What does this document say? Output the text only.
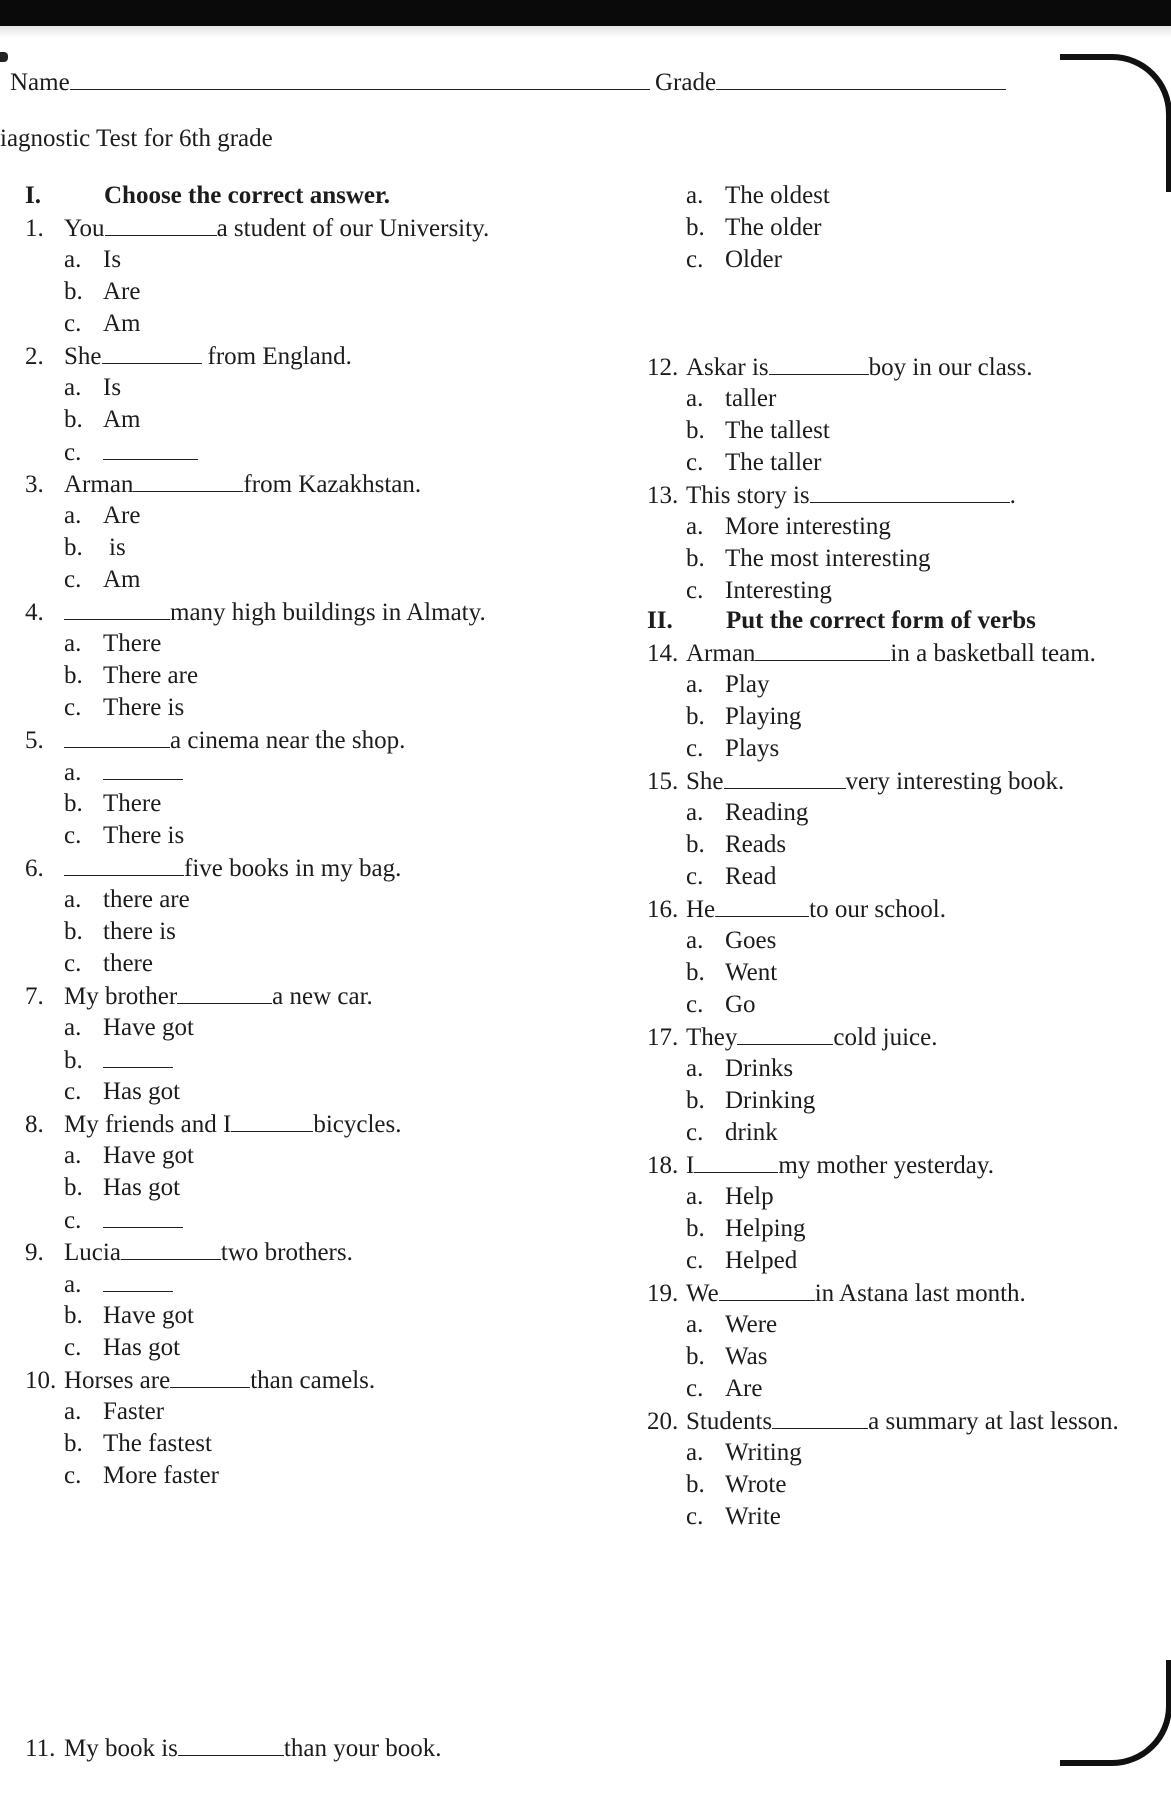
Name	Grade
iagnostic Test for 6th grade
I.	Choose the correct answer.
II. Put the correct form of verbs
1. You	a student of our University.
a. Is
b. Are
c. Am
2. She	from England.
a. Is
b. Am
c.
3. Arman	from Kazakhstan.
a. Are
b. is
c. Am
4.	many high buildings in Almaty.
a. There
b. There are
c. There is
5.	a cinema near the shop.
a.
b. There
c. There is
6.	five books in my bag.
a. there are
b. there is
c. there
7. My brother	a new car.
a. Have got
b.
c. Has got
8. My friends and I	bicycles.
a. Have got
b. Has got
c.
9. Lucia	two brothers.
a.
b. Have got
c. Has got
10. Horses are	than camels.
a. Faster
b. The fastest
c. More faster
11. My book is	than your book.
a. The oldest
b. The older
c. Older
12. Askar is	boy in our class.
a. taller
b. The tallest
c. The taller
13. This story is	.
a. More interesting
b. The most interesting
c. Interesting
14. Arman	in a basketball team.
a. Play
b. Playing
c. Plays
15. She	very interesting book.
a. Reading
b. Reads
c. Read
16. He	to our school.
a. Goes
b. Went
c. Go
17. They	cold juice.
a. Drinks
b. Drinking
c. drink
18. I	my mother yesterday.
a. Help
b. Helping
c. Helped
19. We	in Astana last month.
a. Were
b. Was
c. Are
20. Students	a summary at last lesson.
a. Writing
b. Wrote
c. Write
